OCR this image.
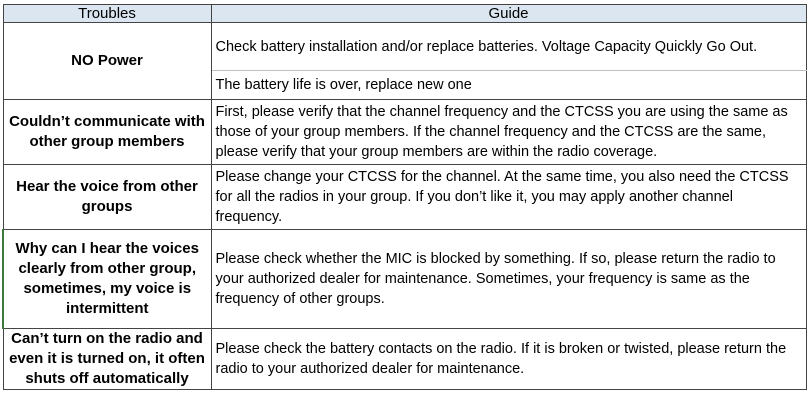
Troubles	Guide
NO Power	Check battery installation and/or replace batteries. Voltage Capacity Quickly Go Out.
	The battery life is over, replace new one
Couldn’t communicate with other group members	First, please verify that the channel frequency and the CTCSS you are using the same as those of your group members. If the channel frequency and the CTCSS are the same, please verify that your group members are within the radio coverage.
Hear the voice from other groups	Please change your CTCSS for the channel. At the same time, you also need the CTCSS for all the radios in your group. If you don’t like it, you may apply another channel frequency.
Why can I hear the voices clearly from other group, sometimes, my voice is intermittent	Please check whether the MIC is blocked by something. If so, please return the radio to your authorized dealer for maintenance. Sometimes, your frequency is same as the frequency of other groups.
Can’t turn on the radio and even it is turned on, it often shuts off automatically	Please check the battery contacts on the radio. If it is broken or twisted, please return the radio to your authorized dealer for maintenance.
